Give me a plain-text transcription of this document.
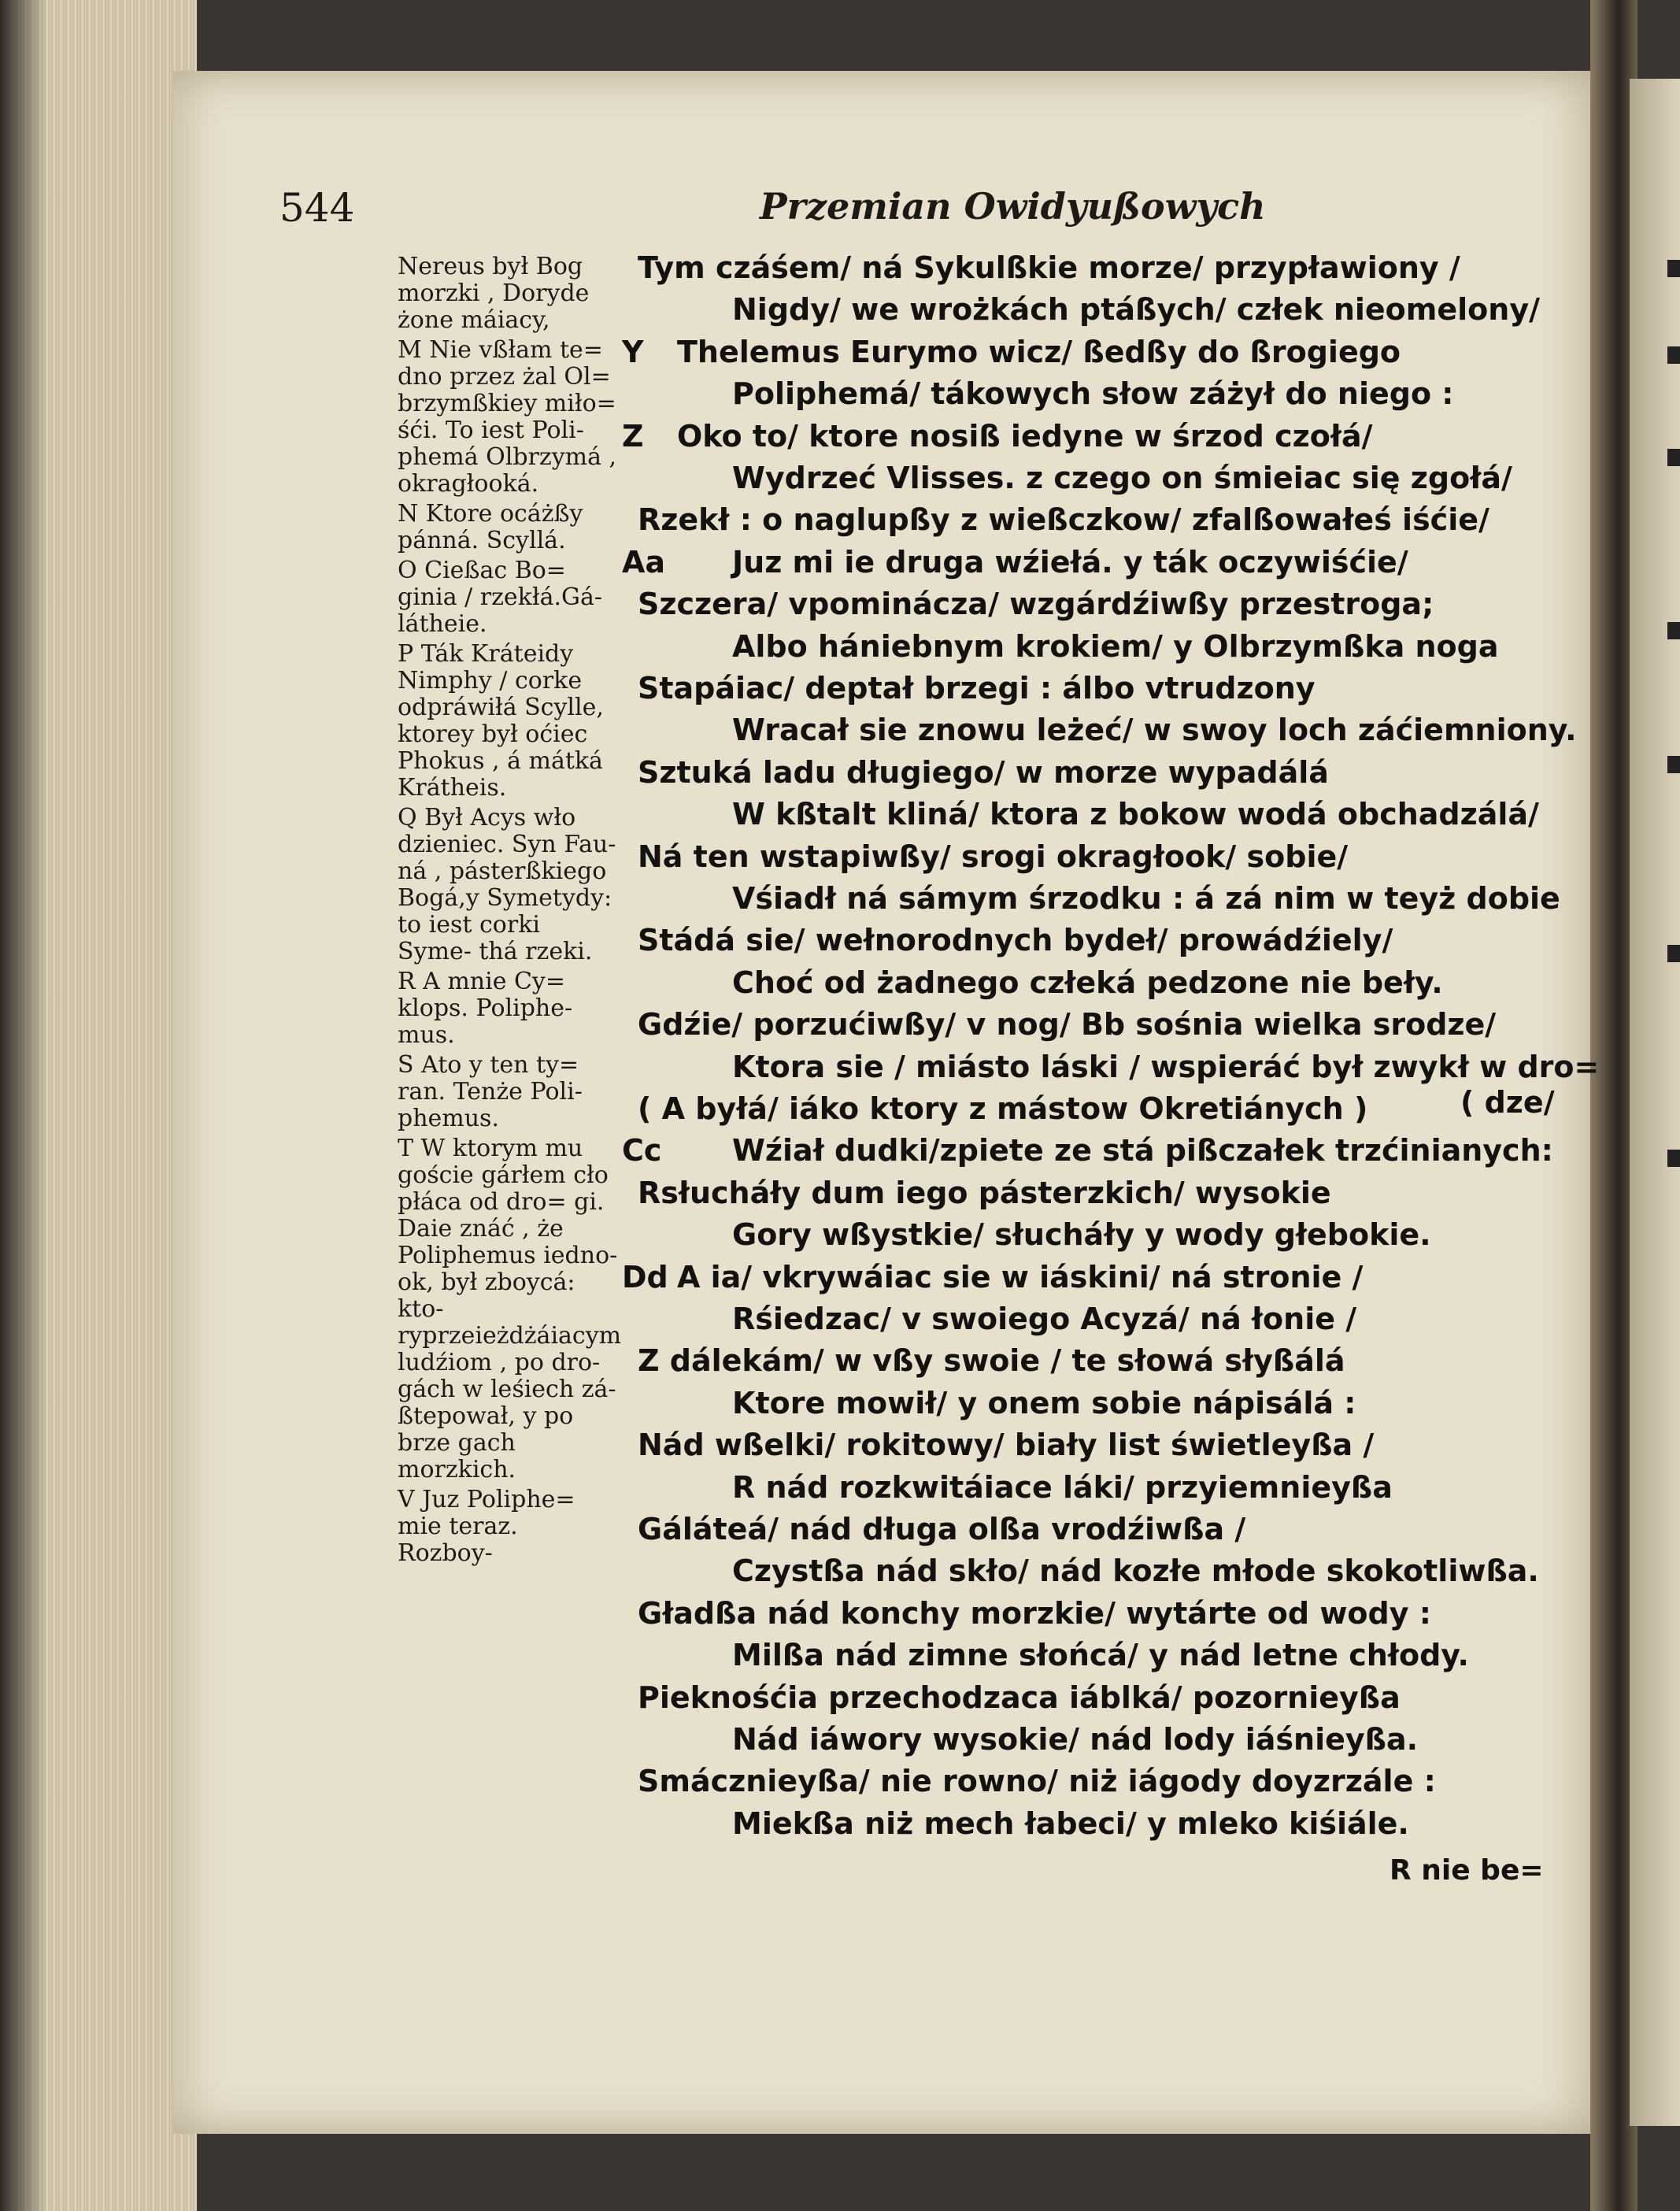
544	Przemian Owidyußowych

Nereus był Bog morzki , Doryde żone máiacy,

M Nie vßłam te= dno przez żal Ol= brzymßkiey miło= śći. To iest Poli- phemá Olbrzymá , okragłooká.

N Ktore ocáżßy pánná. Scyllá.

O Cießac Bo= ginia / rzekłá.Gá- látheie.

P Ták Kráteidy Nimphy / corke odpráwiłá Scylle, ktorey był oćiec Phokus , á mátká Krátheis.

Q Był Acys wło dzieniec. Syn Fau- ná , pásterßkiego Bogá,y Symetydy: to iest corki Syme- thá rzeki.

R A mnie Cy= klops. Poliphe- mus.

S Ato y ten ty= ran. Tenże Poli- phemus.

T W ktorym mu goście gárłem cło płáca od dro= gi. Daie znáć , że Poliphemus iedno- ok, był zboycá: kto- ryprzeieżdżáiacym ludźiom , po dro- gách w leśiech zá- ßtepował, y po brze gach morzkich.

V Juz Poliphe= mie teraz. Rozboy-

Tym czáśem/ ná Sykulßkie morze/ przypławiony /
Nigdy/ we wrożkách ptáßych/ człek nieomelony/
Y Thelemus Eurymo wicz/ ßedßy do ßrogiego
Poliphemá/ tákowych słow záżył do niego :
Z Oko to/ ktore nosiß iedyne w śrzod czołá/
Wydrzeć Vlisses. z czego on śmieiac się zgołá/
Rzekł : o naglupßy z wießczkow/ zfalßowałeś iśćie/
Aa Juz mi ie druga wźiełá. y ták oczywiśćie/
Szczera/ vpominácza/ wzgárdźiwßy przestroga;
Albo hániebnym krokiem/ y Olbrzymßka noga
Stapáiac/ deptał brzegi : álbo vtrudzony
Wracał sie znowu leżeć/ w swoy loch záćiemniony.
Sztuká ladu długiego/ w morze wypadálá
W kßtalt kliná/ ktora z bokow wodá obchadzálá/
Ná ten wstapiwßy/ srogi okragłook/ sobie/
Vśiadł ná sámym śrzodku : á zá nim w teyż dobie
Stádá sie/ wełnorodnych bydeł/ prowádźiely/
Choć od żadnego człeká pedzone nie beły.
Gdźie/ porzućiwßy/ v nog/ Bb sośnia wielka srodze/
Ktora sie / miásto láski / wspieráć był zwykł w dro=
( A byłá/ iáko ktory z mástow Okretiánych )
Cc Wźiał dudki/zpiete ze stá pißczałek trzćinianych:
Rsłucháły dum iego pásterzkich/ wysokie
Gory wßystkie/ słucháły y wody głebokie.
Dd A ia/ vkrywáiac sie w iáskini/ ná stronie /
Rśiedzac/ v swoiego Acyzá/ ná łonie /
Z dálekám/ w vßy swoie / te słowá słyßálá
Ktore mowił/ y onem sobie nápisálá :
Nád wßelki/ rokitowy/ biały list świetleyßa /
R nád rozkwitáiace láki/ przyiemnieyßa
Gáláteá/ nád długa olßa vrodźiwßa /
Czystßa nád skło/ nád kozłe młode skokotliwßa.
Gładßa nád konchy morzkie/ wytárte od wody :
Milßa nád zimne słońcá/ y nád letne chłody.
Pieknośćia przechodzaca iáblká/ pozornieyßa
Nád iáwory wysokie/ nád lody iáśnieyßa.
Smácznieyßa/ nie rowno/ niż iágody doyzrzále :
Miekßa niż mech łabeci/ y mleko kiśiále.
( dze/
R nie be=
